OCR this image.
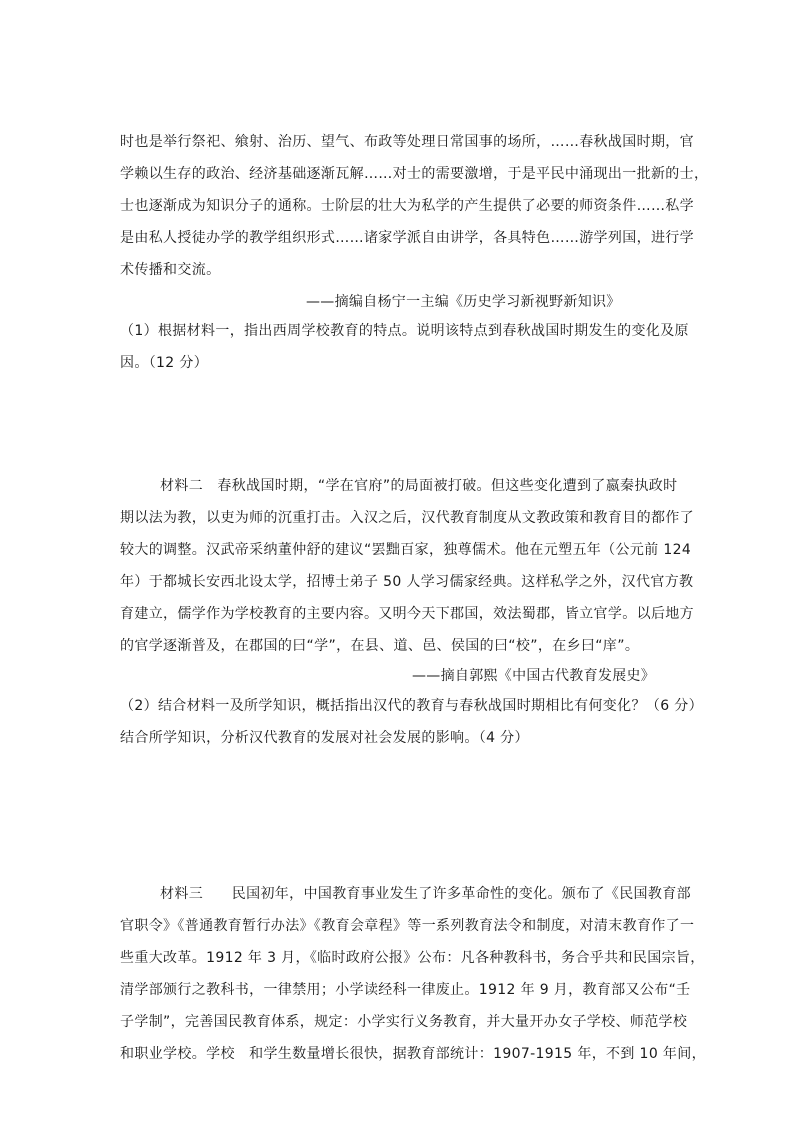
时也是举行祭祀、飨射、治历、望气、布政等处理日常国事的场所，……春秋战国时期，官
学赖以生存的政治、经济基础逐渐瓦解……对士的需要激增，于是平民中涌现出一批新的士，
士也逐渐成为知识分子的通称。士阶层的壮大为私学的产生提供了必要的师资条件……私学
是由私人授徒办学的教学组织形式……诸家学派自由讲学，各具特色……游学列国，进行学
术传播和交流。
——摘编自杨宁一主编《历史学习新视野新知识》
（1）根据材料一，指出西周学校教育的特点。说明该特点到春秋战国时期发生的变化及原
因。（12 分）
材料二　春秋战国时期，“学在官府”的局面被打破。但这些变化遭到了嬴秦执政时
期以法为教，以吏为师的沉重打击。入汉之后，汉代教育制度从文教政策和教育目的都作了
较大的调整。汉武帝采纳董仲舒的建议“罢黜百家，独尊儒术。他在元塑五年（公元前 124
年）于都城长安西北设太学，招博士弟子 50 人学习儒家经典。这样私学之外，汉代官方教
育建立，儒学作为学校教育的主要内容。又明今天下郡国，效法蜀郡，皆立官学。以后地方
的官学逐渐普及，在郡国的曰“学”，在县、道、邑、侯国的曰“校”，在乡曰“庠”。
——摘自郭熙《中国古代教育发展史》
（2）结合材料一及所学知识，概括指出汉代的教育与春秋战国时期相比有何变化？（6 分）
结合所学知识，分析汉代教育的发展对社会发展的影响。（4 分）
材料三　　民国初年，中国教育事业发生了许多革命性的变化。颁布了《民国教育部
官职令》《普通教育暂行办法》《教育会章程》等一系列教育法令和制度，对清末教育作了一
些重大改革。1912 年 3 月，《临时政府公报》公布：凡各种教科书，务合乎共和民国宗旨，
清学部颁行之教科书，一律禁用；小学读经科一律废止。1912 年 9 月，教育部又公布“壬
子学制”，完善国民教育体系，规定：小学实行义务教育，并大量开办女子学校、师范学校
和职业学校。学校　和学生数量增长很快，据教育部统计：1907-1915 年，不到 10 年间，
